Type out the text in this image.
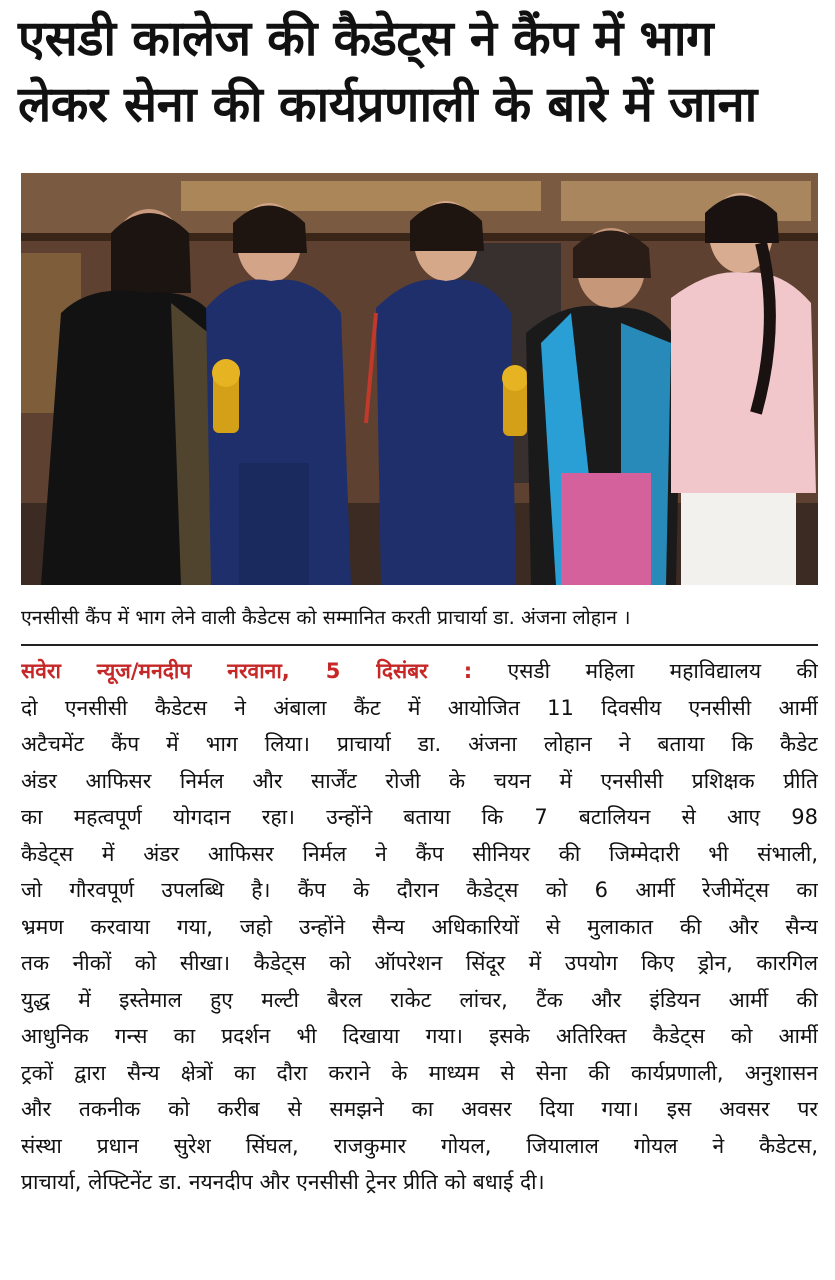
एसडी कालेज की कैडेट्स ने कैंप में भाग
लेकर सेना की कार्यप्रणाली के बारे में जाना
एनसीसी कैंप में भाग लेने वाली कैडेटस को सम्मानित करती प्राचार्या डा. अंजना लोहान ।
सवेरा न्यूज/मनदीप नरवाना, 5 दिसंबर : एसडी महिला महाविद्यालय की
दो एनसीसी कैडेटस ने अंबाला कैंट में आयोजित 11 दिवसीय एनसीसी आर्मी
अटैचमेंट कैंप में भाग लिया। प्राचार्या डा. अंजना लोहान ने बताया कि कैडेट
अंडर आफिसर निर्मल और सार्जेंट रोजी के चयन में एनसीसी प्रशिक्षक प्रीति
का महत्वपूर्ण योगदान रहा। उन्होंने बताया कि 7 बटालियन से आए 98
कैडेट्स में अंडर आफिसर निर्मल ने कैंप सीनियर की जिम्मेदारी भी संभाली,
जो गौरवपूर्ण उपलब्धि है। कैंप के दौरान कैडेट्स को 6 आर्मी रेजीमेंट्स का
भ्रमण करवाया गया, जहो उन्होंने सैन्य अधिकारियों से मुलाकात की और सैन्य
तक नीकों को सीखा। कैडेट्स को ऑपरेशन सिंदूर में उपयोग किए ड्रोन, कारगिल
युद्ध में इस्तेमाल हुए मल्टी बैरल राकेट लांचर, टैंक और इंडियन आर्मी की
आधुनिक गन्स का प्रदर्शन भी दिखाया गया। इसके अतिरिक्त कैडेट्स को आर्मी
ट्रकों द्वारा सैन्य क्षेत्रों का दौरा कराने के माध्यम से सेना की कार्यप्रणाली, अनुशासन
और तकनीक को करीब से समझने का अवसर दिया गया। इस अवसर पर
संस्था प्रधान सुरेश सिंघल, राजकुमार गोयल, जियालाल गोयल ने कैडेटस,
प्राचार्या, लेफ्टिनेंट डा. नयनदीप और एनसीसी ट्रेनर प्रीति को बधाई दी।
